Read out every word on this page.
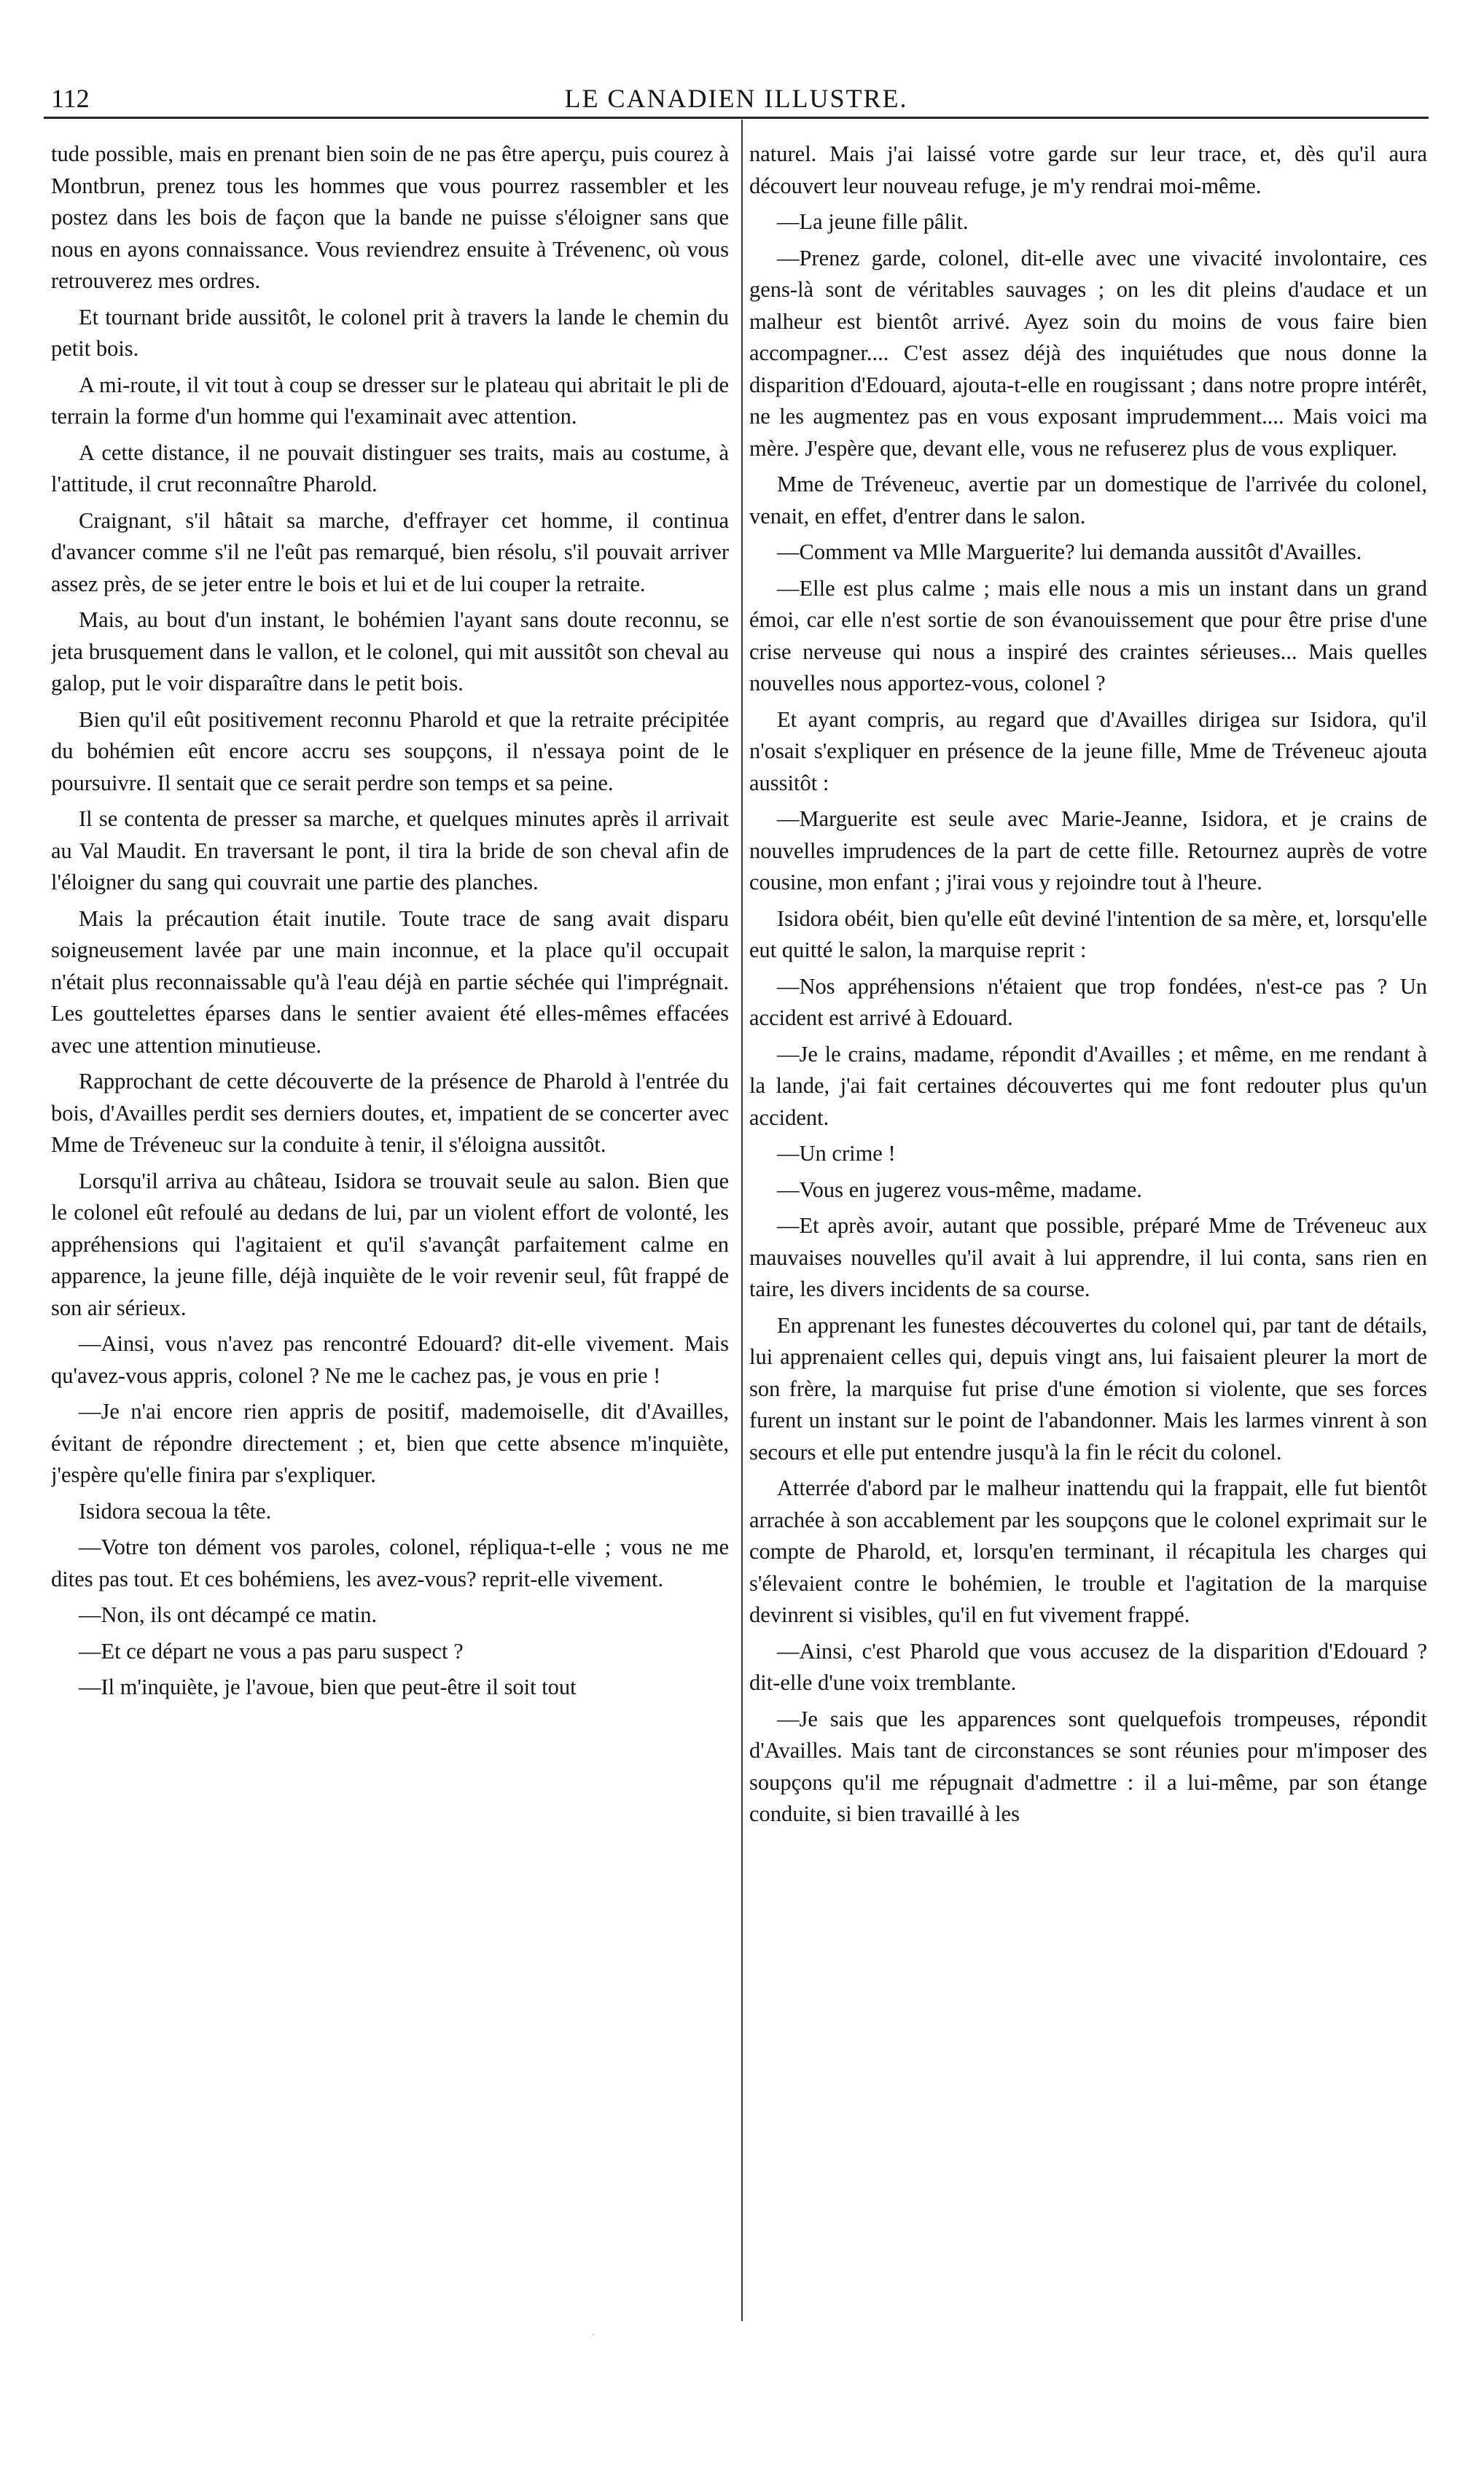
112	LE CANADIEN ILLUSTRE.

tude possible, mais en prenant bien soin de ne pas être aperçu, puis courez à Montbrun, prenez tous les hommes que vous pourrez rassembler et les postez dans les bois de façon que la bande ne puisse s'éloigner sans que nous en ayons connaissance. Vous reviendrez ensuite à Trévenenc, où vous retrouverez mes ordres.

Et tournant bride aussitôt, le colonel prit à travers la lande le chemin du petit bois.

A mi-route, il vit tout à coup se dresser sur le plateau qui abritait le pli de terrain la forme d'un homme qui l'examinait avec attention.

A cette distance, il ne pouvait distinguer ses traits, mais au costume, à l'attitude, il crut reconnaître Pharold.

Craignant, s'il hâtait sa marche, d'effrayer cet homme, il continua d'avancer comme s'il ne l'eût pas remarqué, bien résolu, s'il pouvait arriver assez près, de se jeter entre le bois et lui et de lui couper la retraite.

Mais, au bout d'un instant, le bohémien l'ayant sans doute reconnu, se jeta brusquement dans le vallon, et le colonel, qui mit aussitôt son cheval au galop, put le voir disparaître dans le petit bois.

Bien qu'il eût positivement reconnu Pharold et que la retraite précipitée du bohémien eût encore accru ses soupçons, il n'essaya point de le poursuivre. Il sentait que ce serait perdre son temps et sa peine.

Il se contenta de presser sa marche, et quelques minutes après il arrivait au Val Maudit. En traversant le pont, il tira la bride de son cheval afin de l'éloigner du sang qui couvrait une partie des planches.

Mais la précaution était inutile. Toute trace de sang avait disparu soigneusement lavée par une main inconnue, et la place qu'il occupait n'était plus reconnaissable qu'à l'eau déjà en partie séchée qui l'imprégnait. Les gouttelettes éparses dans le sentier avaient été elles-mêmes effacées avec une attention minutieuse.

Rapprochant de cette découverte de la présence de Pharold à l'entrée du bois, d'Availles perdit ses derniers doutes, et, impatient de se concerter avec Mme de Tréveneuc sur la conduite à tenir, il s'éloigna aussitôt.

Lorsqu'il arriva au château, Isidora se trouvait seule au salon. Bien que le colonel eût refoulé au dedans de lui, par un violent effort de volonté, les appréhensions qui l'agitaient et qu'il s'avançât parfaitement calme en apparence, la jeune fille, déjà inquiète de le voir revenir seul, fût frappé de son air sérieux.

—Ainsi, vous n'avez pas rencontré Edouard? dit-elle vivement. Mais qu'avez-vous appris, colonel ? Ne me le cachez pas, je vous en prie !

—Je n'ai encore rien appris de positif, mademoiselle, dit d'Availles, évitant de répondre directement ; et, bien que cette absence m'inquiète, j'espère qu'elle finira par s'expliquer.

Isidora secoua la tête.

—Votre ton dément vos paroles, colonel, répliqua-t-elle ; vous ne me dites pas tout. Et ces bohémiens, les avez-vous? reprit-elle vivement.

—Non, ils ont décampé ce matin.

—Et ce départ ne vous a pas paru suspect ?

—Il m'inquiète, je l'avoue, bien que peut-être il soit tout

naturel. Mais j'ai laissé votre garde sur leur trace, et, dès qu'il aura découvert leur nouveau refuge, je m'y rendrai moi-même.

—La jeune fille pâlit.

—Prenez garde, colonel, dit-elle avec une vivacité involontaire, ces gens-là sont de véritables sauvages ; on les dit pleins d'audace et un malheur est bientôt arrivé. Ayez soin du moins de vous faire bien accompagner.... C'est assez déjà des inquiétudes que nous donne la disparition d'Edouard, ajouta-t-elle en rougissant ; dans notre propre intérêt, ne les augmentez pas en vous exposant imprudemment.... Mais voici ma mère. J'espère que, devant elle, vous ne refuserez plus de vous expliquer.

Mme de Tréveneuc, avertie par un domestique de l'arrivée du colonel, venait, en effet, d'entrer dans le salon.

—Comment va Mlle Marguerite? lui demanda aussitôt d'Availles.

—Elle est plus calme ; mais elle nous a mis un instant dans un grand émoi, car elle n'est sortie de son évanouissement que pour être prise d'une crise nerveuse qui nous a inspiré des craintes sérieuses... Mais quelles nouvelles nous apportez-vous, colonel ?

Et ayant compris, au regard que d'Availles dirigea sur Isidora, qu'il n'osait s'expliquer en présence de la jeune fille, Mme de Tréveneuc ajouta aussitôt :

—Marguerite est seule avec Marie-Jeanne, Isidora, et je crains de nouvelles imprudences de la part de cette fille. Retournez auprès de votre cousine, mon enfant ; j'irai vous y rejoindre tout à l'heure.

Isidora obéit, bien qu'elle eût deviné l'intention de sa mère, et, lorsqu'elle eut quitté le salon, la marquise reprit :

—Nos appréhensions n'étaient que trop fondées, n'est-ce pas ? Un accident est arrivé à Edouard.

—Je le crains, madame, répondit d'Availles ; et même, en me rendant à la lande, j'ai fait certaines découvertes qui me font redouter plus qu'un accident.

—Un crime !

—Vous en jugerez vous-même, madame.

—Et après avoir, autant que possible, préparé Mme de Tréveneuc aux mauvaises nouvelles qu'il avait à lui apprendre, il lui conta, sans rien en taire, les divers incidents de sa course.

En apprenant les funestes découvertes du colonel qui, par tant de détails, lui apprenaient celles qui, depuis vingt ans, lui faisaient pleurer la mort de son frère, la marquise fut prise d'une émotion si violente, que ses forces furent un instant sur le point de l'abandonner. Mais les larmes vinrent à son secours et elle put entendre jusqu'à la fin le récit du colonel.

Atterrée d'abord par le malheur inattendu qui la frappait, elle fut bientôt arrachée à son accablement par les soupçons que le colonel exprimait sur le compte de Pharold, et, lorsqu'en terminant, il récapitula les charges qui s'élevaient contre le bohémien, le trouble et l'agitation de la marquise devinrent si visibles, qu'il en fut vivement frappé.

—Ainsi, c'est Pharold que vous accusez de la disparition d'Edouard ? dit-elle d'une voix tremblante.

—Je sais que les apparences sont quelquefois trompeuses, répondit d'Availles. Mais tant de circonstances se sont réunies pour m'imposer des soupçons qu'il me répugnait d'admettre : il a lui-même, par son étange conduite, si bien travaillé à les

·
